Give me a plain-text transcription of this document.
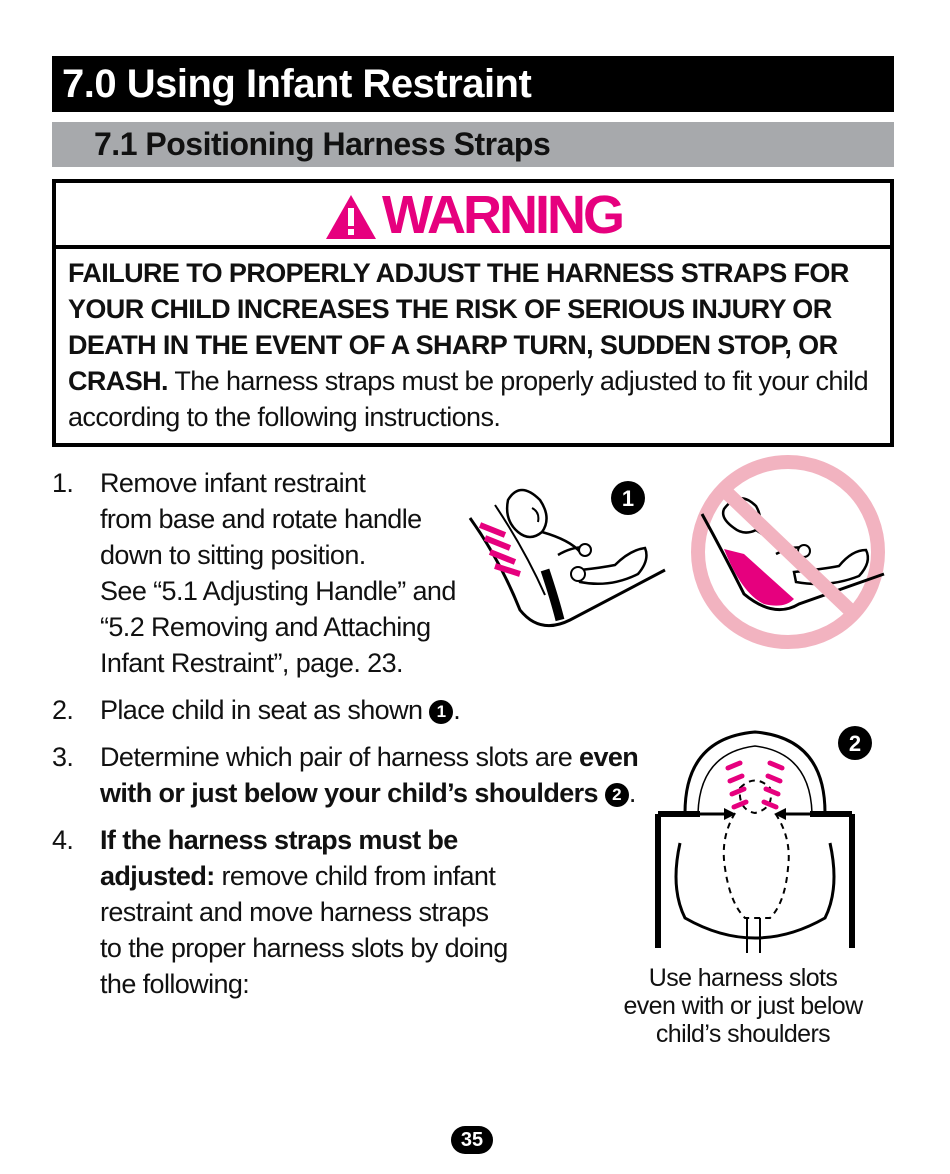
7.0 Using Infant Restraint
7.1 Positioning Harness Straps
WARNING
FAILURE TO PROPERLY ADJUST THE HARNESS STRAPS FOR
YOUR CHILD INCREASES THE RISK OF SERIOUS INJURY OR
DEATH IN THE EVENT OF A SHARP TURN, SUDDEN STOP, OR
CRASH. The harness straps must be properly adjusted to fit your child
according to the following instructions.
1. Remove infant restraint
from base and rotate handle
down to sitting position.
See “5.1 Adjusting Handle” and
“5.2 Removing and Attaching
Infant Restraint”, page. 23.
2. Place child in seat as shown 1 .
3. Determine which pair of harness slots are even
with or just below your child’s shoulders 2 .
4. If the harness straps must be
adjusted: remove child from infant
restraint and move harness straps
to the proper harness slots by doing
the following:
1
2
Use harness slots
even with or just below
child’s shoulders
35
